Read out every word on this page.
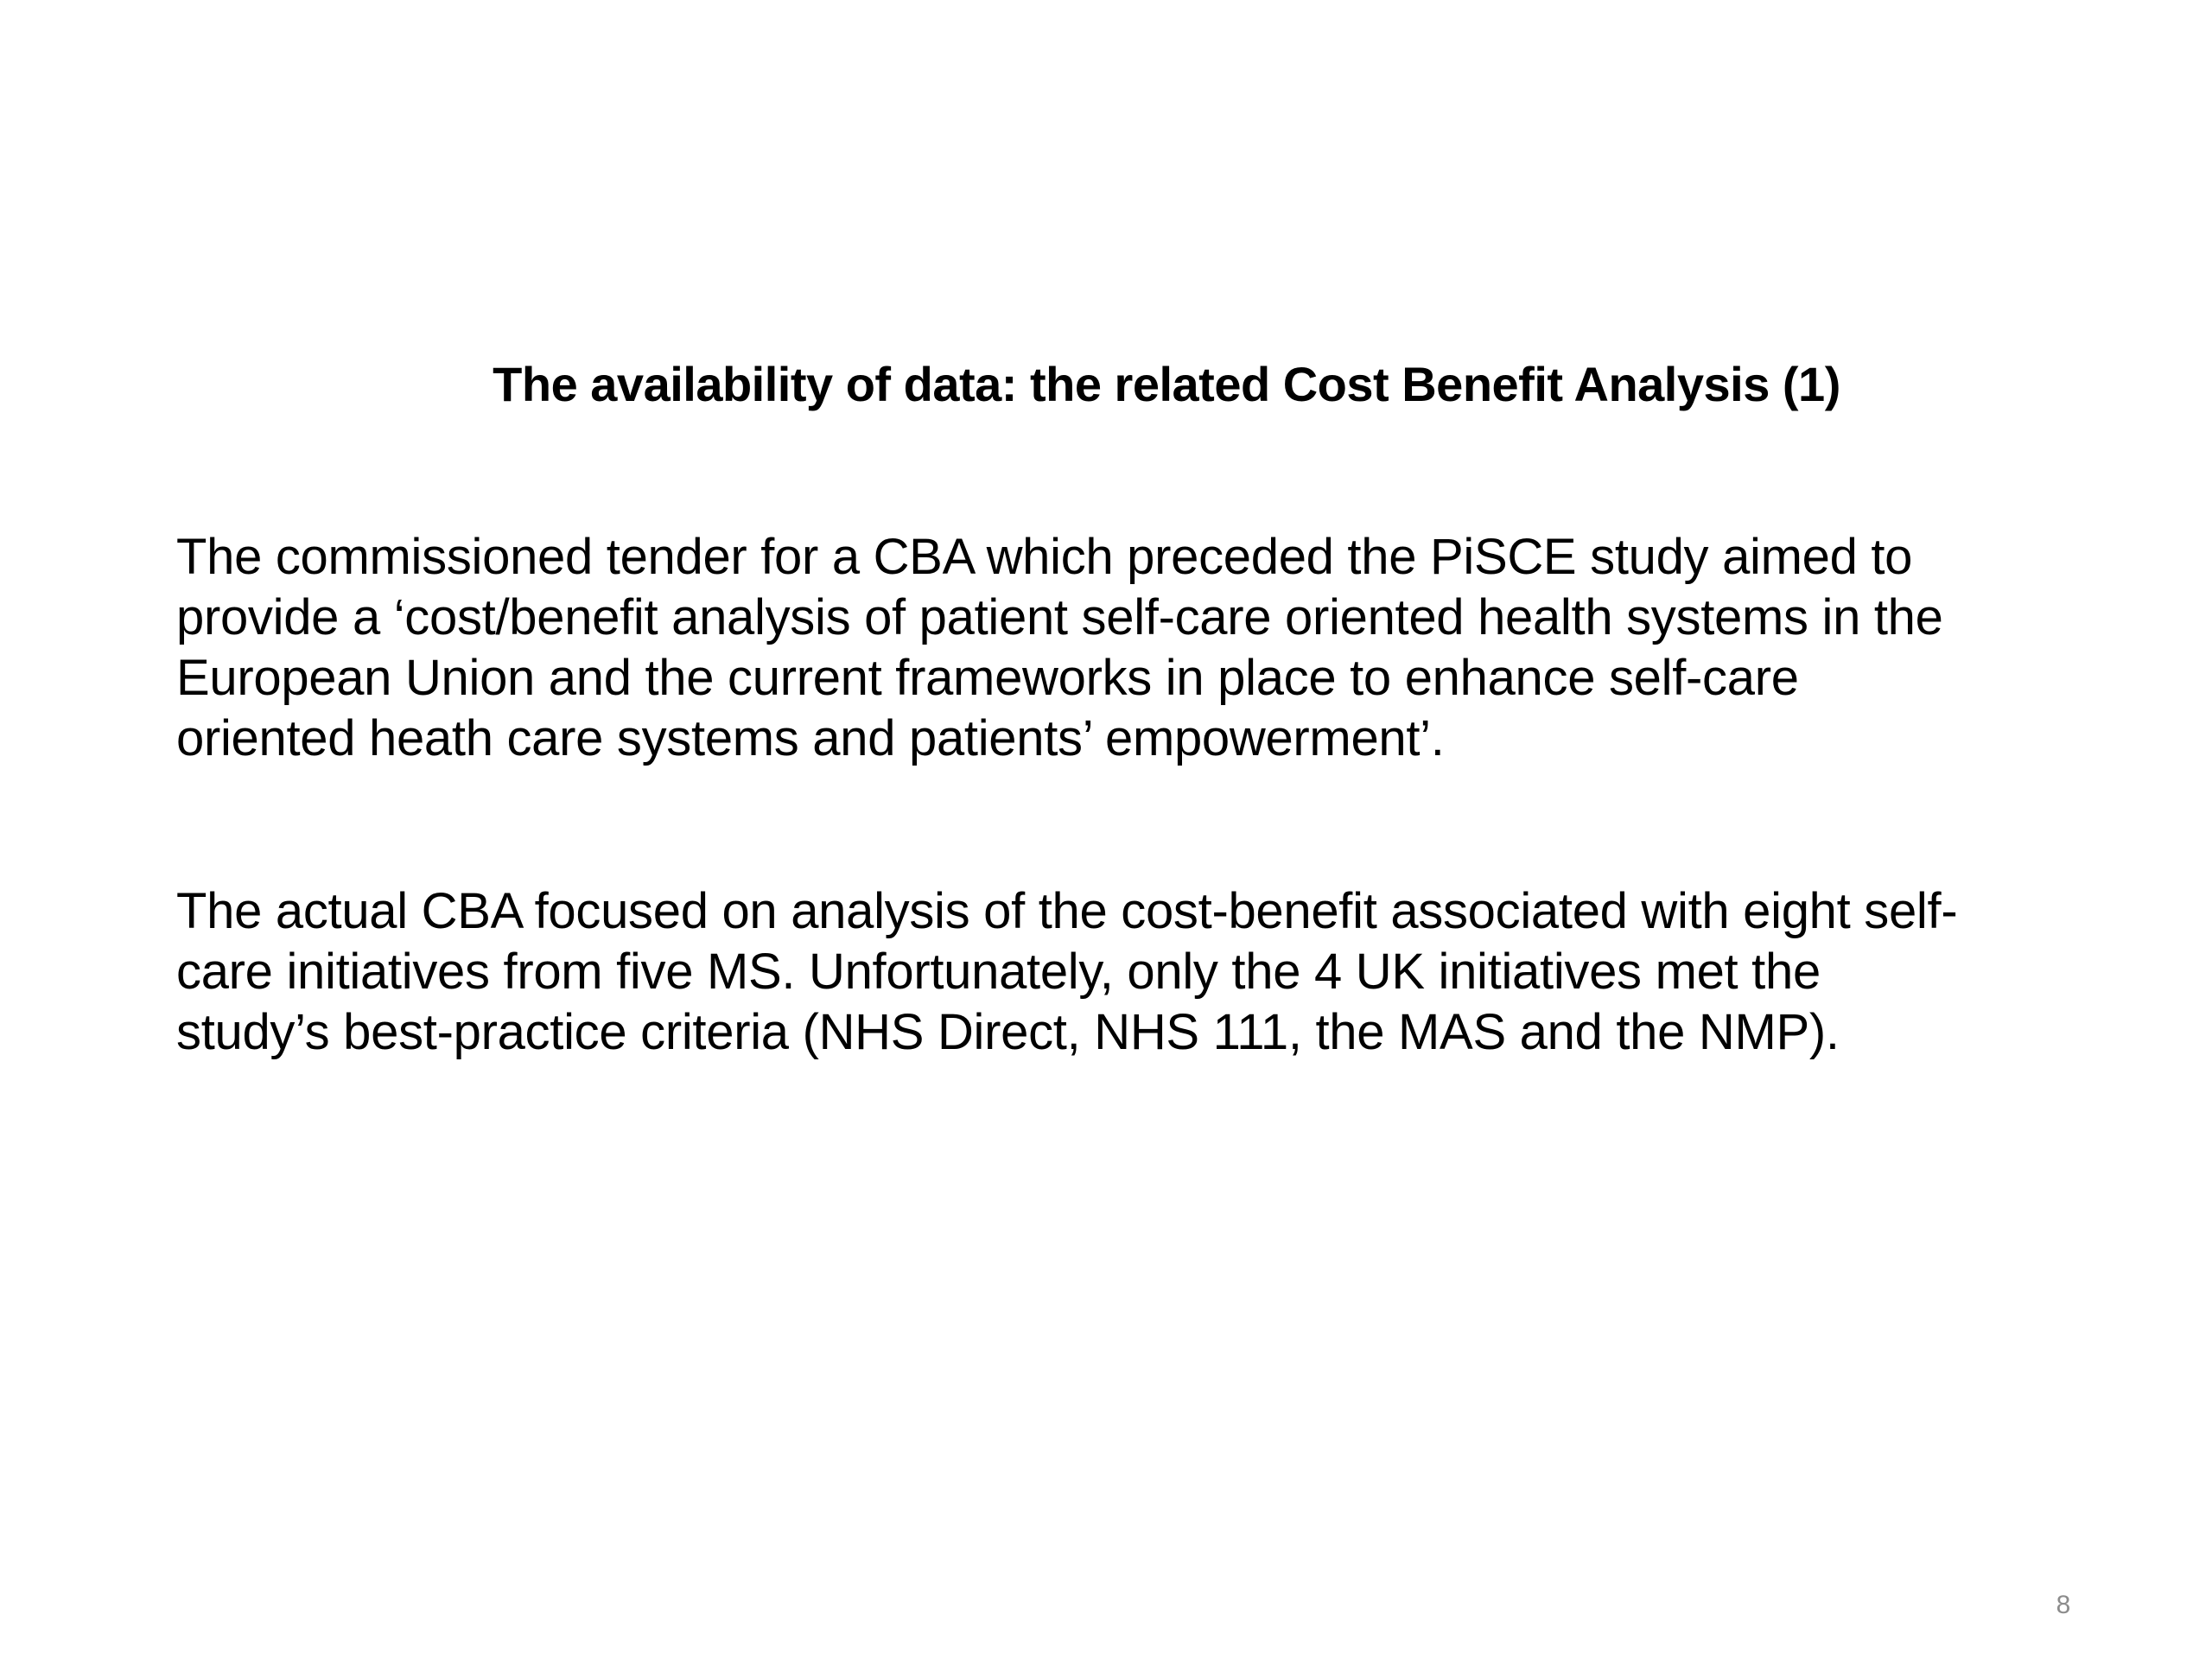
The availability of data: the related Cost Benefit Analysis (1)
The commissioned tender for a CBA which preceded the PiSCE study aimed to
provide a ‘cost/benefit analysis of patient self-care oriented health systems in the
European Union and the current frameworks in place to enhance self-care
oriented heath care systems and patients’ empowerment’.
The actual CBA focused on analysis of the cost-benefit associated with eight self-
care initiatives from five MS. Unfortunately, only the 4 UK initiatives met the
study’s best-practice criteria (NHS Direct, NHS 111, the MAS and the NMP).
8
